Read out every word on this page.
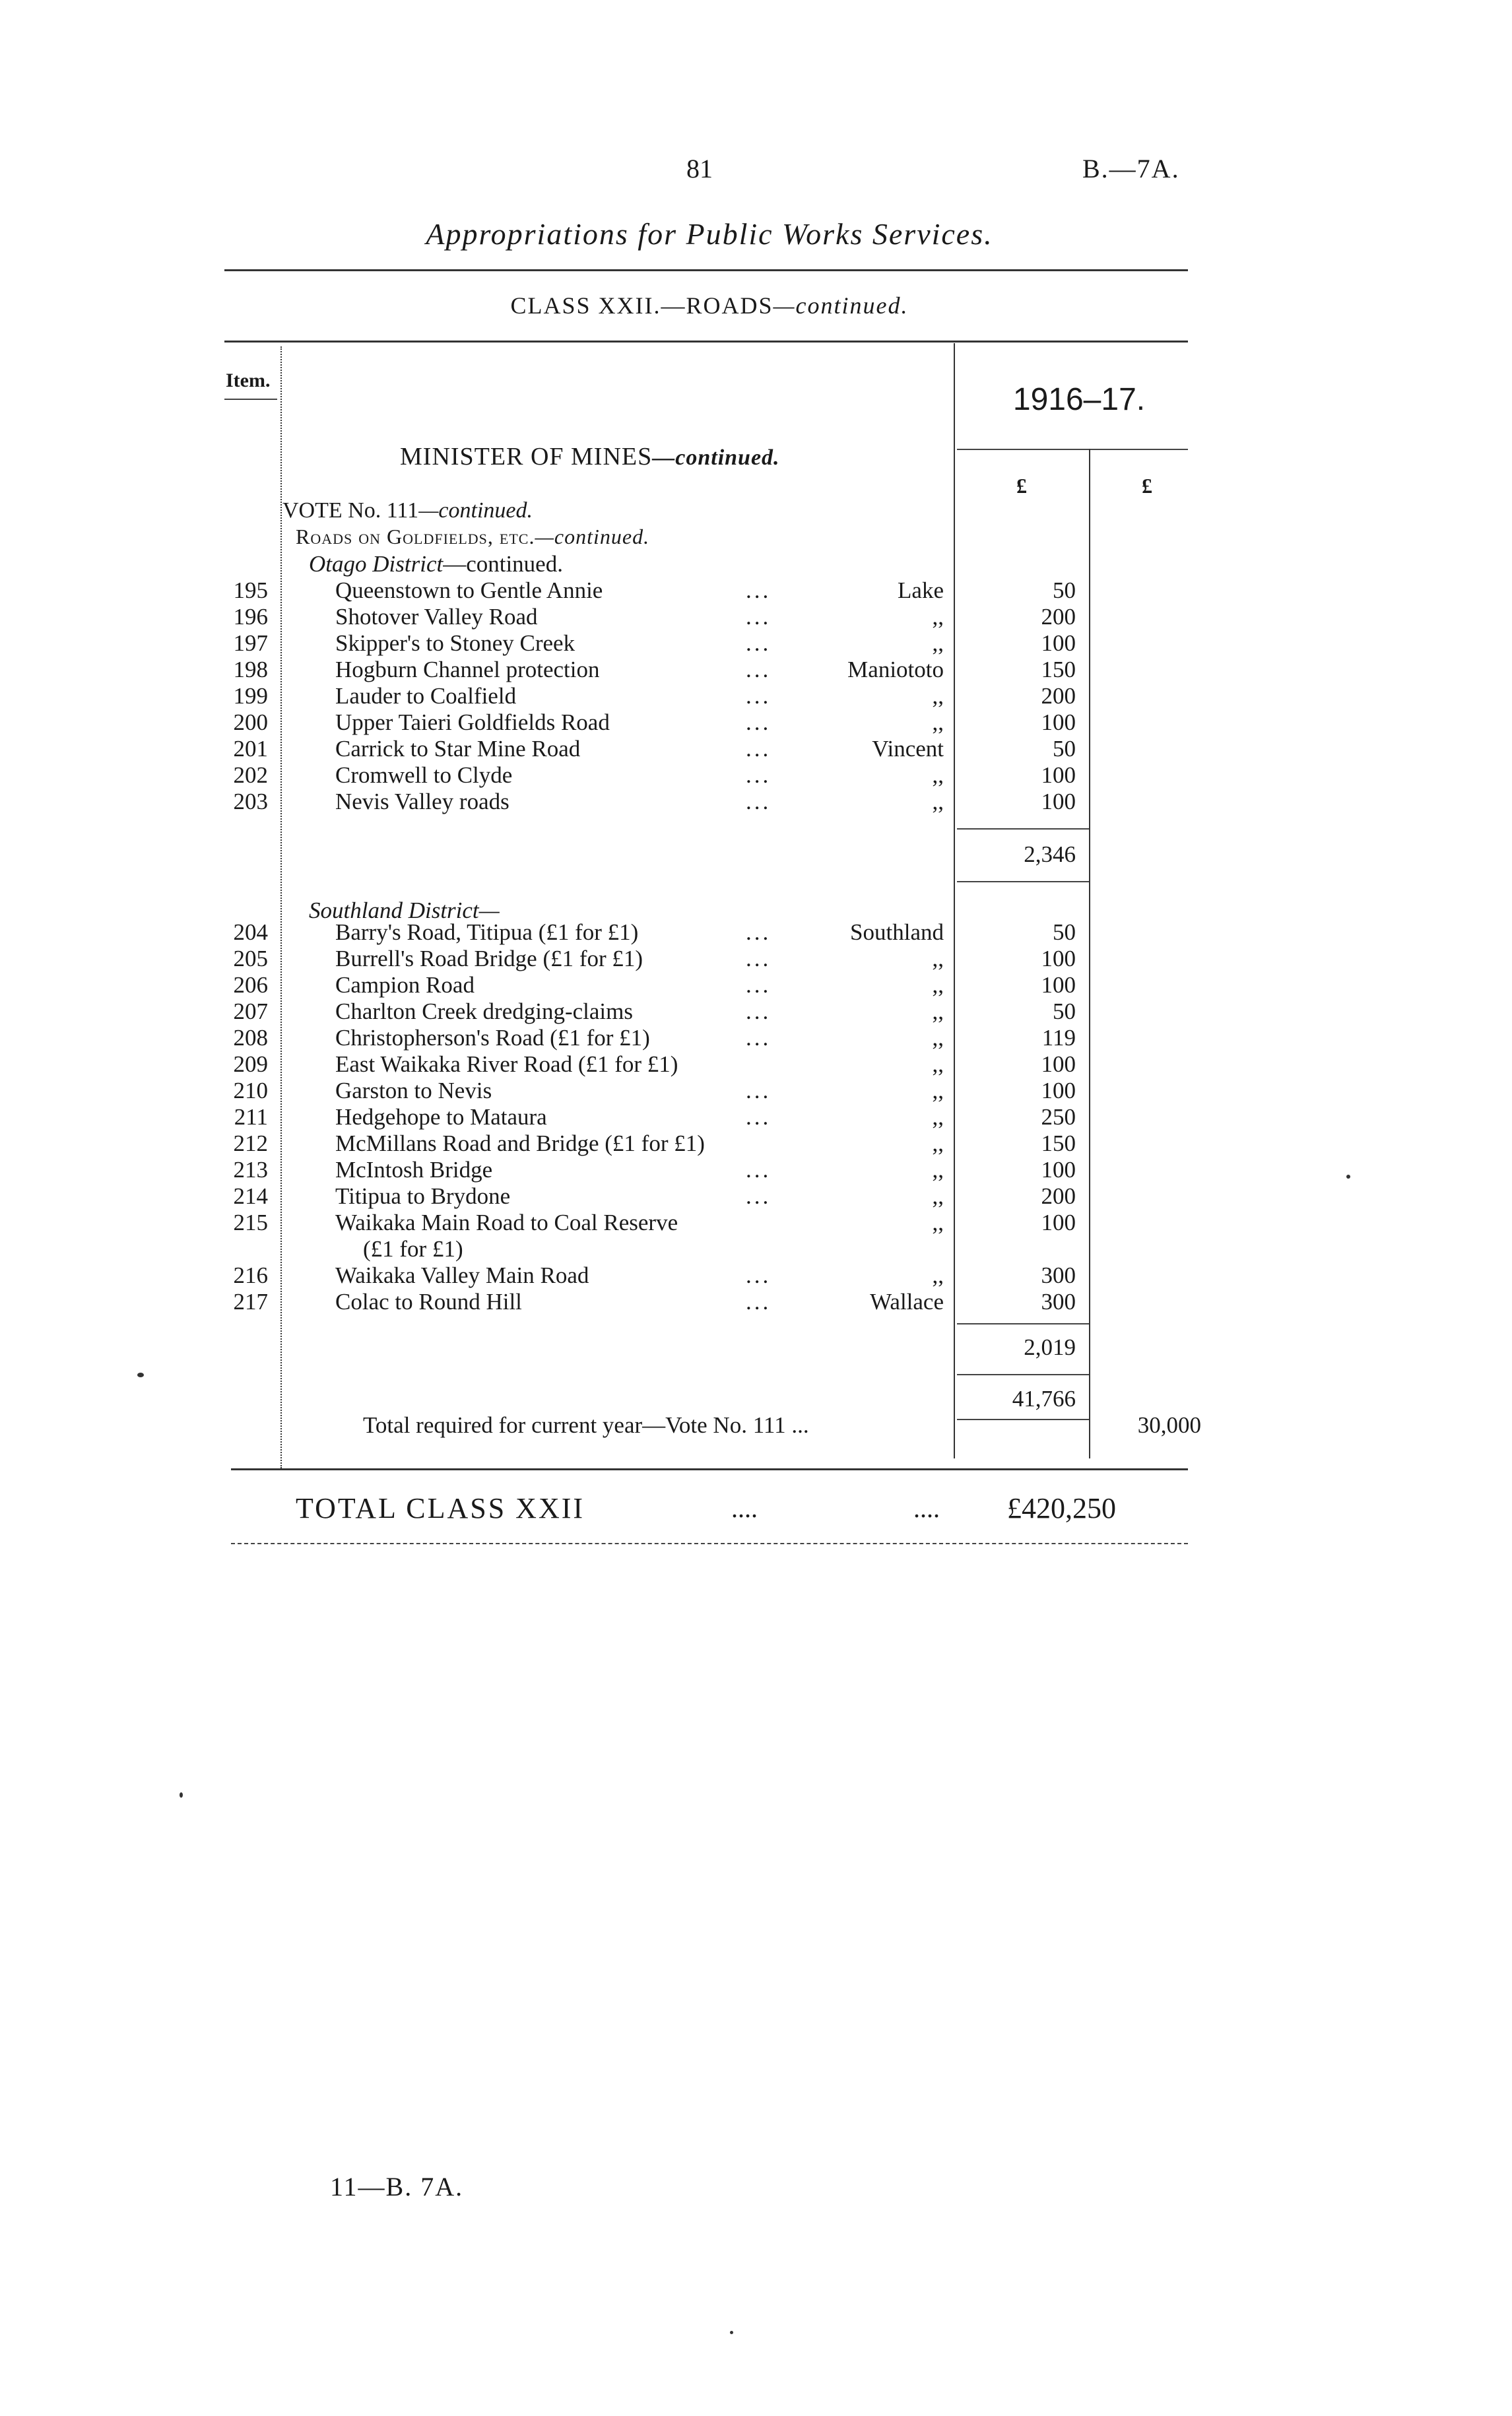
81	B.—7A.
Appropriations for Public Works Services.
CLASS XXII.—ROADS—continued.
Item.
1916–17.
£	£
MINISTER OF MINES—continued.
VOTE No. 111—continued.
Roads on Goldfields, etc.—continued.
Otago District—continued.
195	Queenstown to Gentle Annie	...	Lake	50
196	Shotover Valley Road	...	,,	200
197	Skipper's to Stoney Creek	...	,,	100
198	Hogburn Channel protection	...	Maniototo	150
199	Lauder to Coalfield	...	,,	200
200	Upper Taieri Goldfields Road	...	,,	100
201	Carrick to Star Mine Road	...	Vincent	50
202	Cromwell to Clyde	...	,,	100
203	Nevis Valley roads	...	,,	100
2,346
Southland District—
204	Barry's Road, Titipua (£1 for £1)	...	Southland	50
205	Burrell's Road Bridge (£1 for £1)	...	,,	100
206	Campion Road	...	,,	100
207	Charlton Creek dredging-claims	...	,,	50
208	Christopherson's Road (£1 for £1)	...	,,	119
209	East Waikaka River Road (£1 for £1)	,,	100
210	Garston to Nevis	...	,,	100
211	Hedgehope to Mataura	...	,,	250
212	McMillans Road and Bridge (£1 for £1)	,,	150
213	McIntosh Bridge	...	,,	100
214	Titipua to Brydone	...	,,	200
215	Waikaka Main Road to Coal Reserve	,,	100
(£1 for £1)
216	Waikaka Valley Main Road	...	,,	300
217	Colac to Round Hill	...	Wallace	300
2,019
41,766
Total required for current year—Vote No. 111 ...	30,000
TOTAL CLASS XXII	....	.... £420,250
11—B. 7A.
